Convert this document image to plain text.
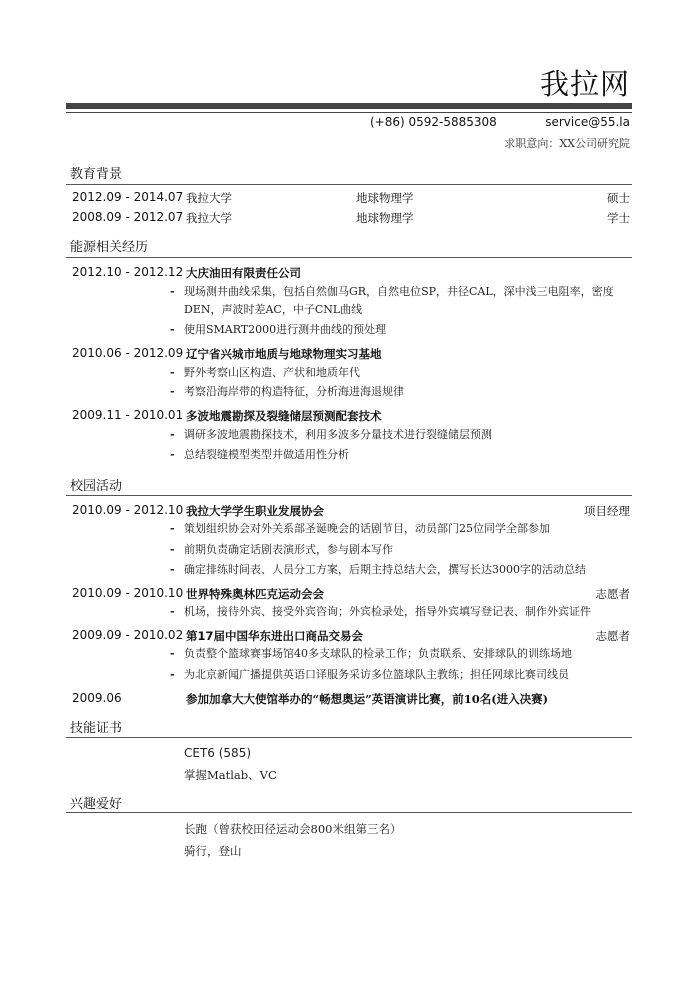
我拉网
(+86) 0592-5885308	service@55.la
求职意向：XX公司研究院
教育背景
2012.09 - 2014.07 我拉大学	地球物理学	硕士
2008.09 - 2012.07 我拉大学	地球物理学	学士
能源相关经历
2012.10 - 2012.12 大庆油田有限责任公司
- 现场测井曲线采集，包括自然伽马GR，自然电位SP，井径CAL，深中浅三电阻率，密度DEN，声波时差AC，中子CNL曲线
- 使用SMART2000进行测井曲线的预处理
2010.06 - 2012.09 辽宁省兴城市地质与地球物理实习基地
- 野外考察山区构造、产状和地质年代
- 考察沿海岸带的构造特征，分析海进海退规律
2009.11 - 2010.01 多波地震勘探及裂缝储层预测配套技术
- 调研多波地震勘探技术，利用多波多分量技术进行裂缝储层预测
- 总结裂缝模型类型并做适用性分析
校园活动
2010.09 - 2012.10 我拉大学学生职业发展协会	项目经理
- 策划组织协会对外关系部圣诞晚会的话剧节目，动员部门25位同学全部参加
- 前期负责确定话剧表演形式，参与剧本写作
- 确定排练时间表、人员分工方案，后期主持总结大会，撰写长达3000字的活动总结
2010.09 - 2010.10 世界特殊奥林匹克运动会会	志愿者
- 机场，接待外宾、接受外宾咨询；外宾检录处，指导外宾填写登记表、制作外宾证件
2009.09 - 2010.02 第17届中国华东进出口商品交易会	志愿者
- 负责整个篮球赛事场馆40多支球队的检录工作；负责联系、安排球队的训练场地
- 为北京新闻广播提供英语口译服务采访多位篮球队主教练；担任网球比赛司线员
2009.06	参加加拿大大使馆举办的“畅想奥运”英语演讲比赛，前10名(进入决赛)
技能证书
CET6 (585)
掌握Matlab、VC
兴趣爱好
长跑（曾获校田径运动会800米组第三名）
骑行，登山
